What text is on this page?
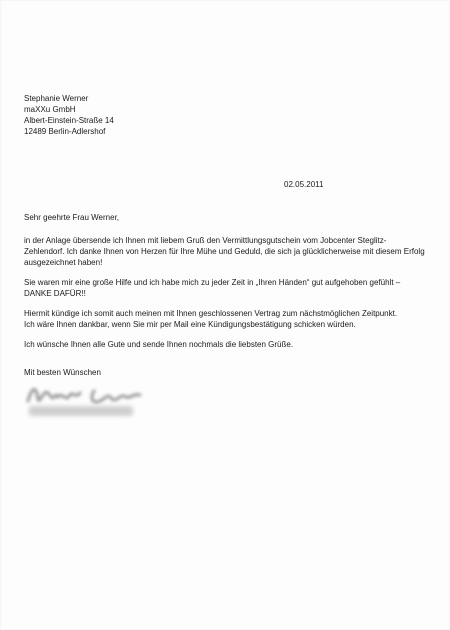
Stephanie Werner
maXXu GmbH
Albert-Einstein-Straße 14
12489 Berlin-Adlershof
02.05.2011
Sehr geehrte Frau Werner,

in der Anlage übersende ich Ihnen mit liebem Gruß den Vermittlungsgutschein vom Jobcenter Steglitz-
Zehlendorf. Ich danke Ihnen von Herzen für Ihre Mühe und Geduld, die sich ja glücklicherweise mit diesem Erfolg
ausgezeichnet haben!

Sie waren mir eine große Hilfe und ich habe mich zu jeder Zeit in „Ihren Händen“ gut aufgehoben gefühlt –
DANKE DAFÜR!!

Hiermit kündige ich somit auch meinen mit Ihnen geschlossenen Vertrag zum nächstmöglichen Zeitpunkt.
Ich wäre Ihnen dankbar, wenn Sie mir per Mail eine Kündigungsbestätigung schicken würden.

Ich wünsche Ihnen alle Gute und sende Ihnen nochmals die liebsten Grüße.

Mit besten Wünschen
